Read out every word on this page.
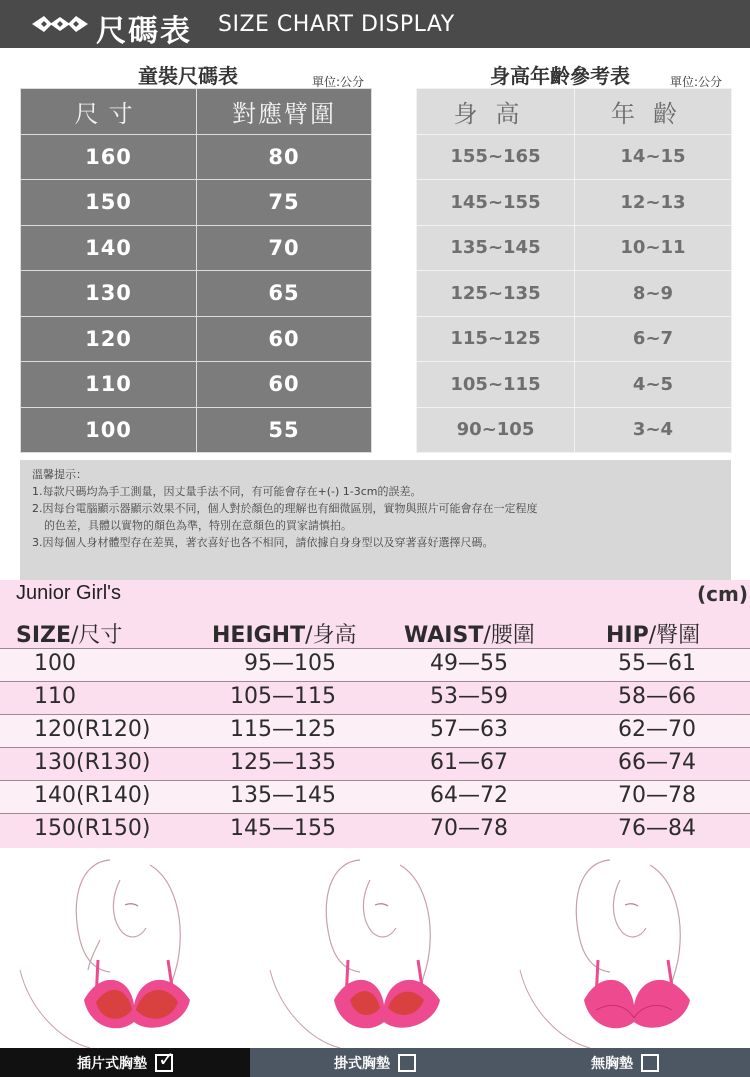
尺碼表 SIZE CHART DISPLAY
童裝尺碼表	單位:公分
尺寸	對應臂圍
160	80
150	75
140	70
130	65
120	60
110	60
100	55
身高年齡參考表	單位:公分
身高	年齡
155~165	14~15
145~155	12~13
135~145	10~11
125~135	8~9
115~125	6~7
105~115	4~5
90~105	3~4

溫馨提示：

1.每款尺碼均為手工測量，因丈量手法不同，有可能會存在+(-) 1-3cm的誤差。

2.因每台電腦顯示器顯示效果不同，個人對於顏色的理解也有細微區別，實物與照片可能會存在一定程度

的色差，具體以實物的顏色為準，特別在意顏色的買家請慎拍。

3.因每個人身材體型存在差異，著衣喜好也各不相同，請依據自身身型以及穿著喜好選擇尺碼。

Junior Girl's	(cm)
SIZE/尺寸	HEIGHT/身高 WAIST/腰圍	HIP/臀圍
100	95—105	49—55	55—61
110	105—115	53—59	58—66
120(R120)	115—125	57—63	62—70
130(R130)	125—135	61—67	66—74
140(R140)	135—145	64—72	70—78
150(R150)	145—155	70—78	76—84
插片式胸墊 ✓	掛式胸墊	無胸墊
